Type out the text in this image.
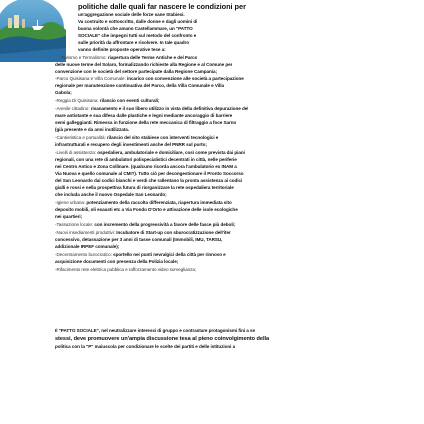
politiche dalle quali far nascere le condizioni per
un'aggregazione sociale delle forze sane Stabiesi.
Va costruito e sottoscritto, dalle donne e dagli uomini di
buona volontà che amano Castellammare, un "PATTO
SOCIALE" che impegni tutti sul metodo del confronto e
sulle priorità da affrontare e risolvere. In tale quadro
vanno definite proposte operative tese a:
-Turismo e Termalismo: riapertura delle Terme Antiche e del Parco
delle nuove terme del Solaro, formalizzando richieste alla Regione e al Comune per
convenzione con le società del settore partecipate dalla Regione Campania;
-Parco Quisisana e Villa Comunale: incarico con convenzione alle società a partecipazione
regionale per manutenzione continuativa del Parco, della Villa Comunale e Villa
Gabola;
-Reggia Di Quisisana: rilancio con eventi culturali;
-Arenile cittadino: risanamento e il suo libero utilizzo in vista della definitiva depurazione del
mare antistante e sua difesa dalle plastiche e legni mediante ancoraggio di barriere
semi galleggianti. Rimessa in funzione della rete meccanica di filtraggio a foce Sarno
(già presente e da anni inutilizzata.
-Cantieristica e portualità: rilancio del sito stabiese con interventi tecnologici e
infrastrutturali e recupero degli investimenti anche del PNRR sul porto;
-Livelli di assistenza: ospedaliera, ambulatoriale e domiciliare, così come prevista dai piani
regionali, con una rete di ambulatori polispecialistici decentrati in città, nelle periferie
nei Centro Antico e Zona Collinare. (qualcuno ricorda ancora l'ambulatorio ex INAM a
Via Nuova e quello comunale al CMI?). Tutto ciò per decongestionare il Pronto Soccorso
del San Leonardo dai codici bianchi e verdi che rallentano la pronta assistenza ai codici
gialli e rossi e nella prospettiva futura di riorganizzare la rete ospedaliera territoriale
che includa anche il nuovo Ospedale San Leonardo;
-Igiene urbana: potenziamento della raccolta differenziata, riapertura immediata sito
deposito mobili, oli esausti etc a Via Fondo D'Orto e attivazione delle isole ecologiche
nei quartieri;
-Tassazione locale: con incremento della progressività a favore delle fasce più deboli;
-Nuovi insediamenti produttivi: Incubatore di Start-up con sburocratizzazione dell'iter
concessivo, detassazione per 3 anni di tasse comunali (Immobili, IMU, TARSU,
addizionale IRPEF comunale);
-Decentramento burocratico: sportello nei punti nevralgici della città per rinnovo e
acquisizione documenti con presenza della Polizia locale;
-Rifacimento rete elettrica pubblica e rafforzamento video sorveglianza;
Il "PATTO SOCIALE", nel neutralizzare interessi di gruppo e contrastare protagonismi fini a se
stessi, deve promuovere un'ampia discussione tesa al pieno coinvolgimento della
politica con la "P" maiuscola per condizionare le scelte dei partiti e delle istituzioni a
